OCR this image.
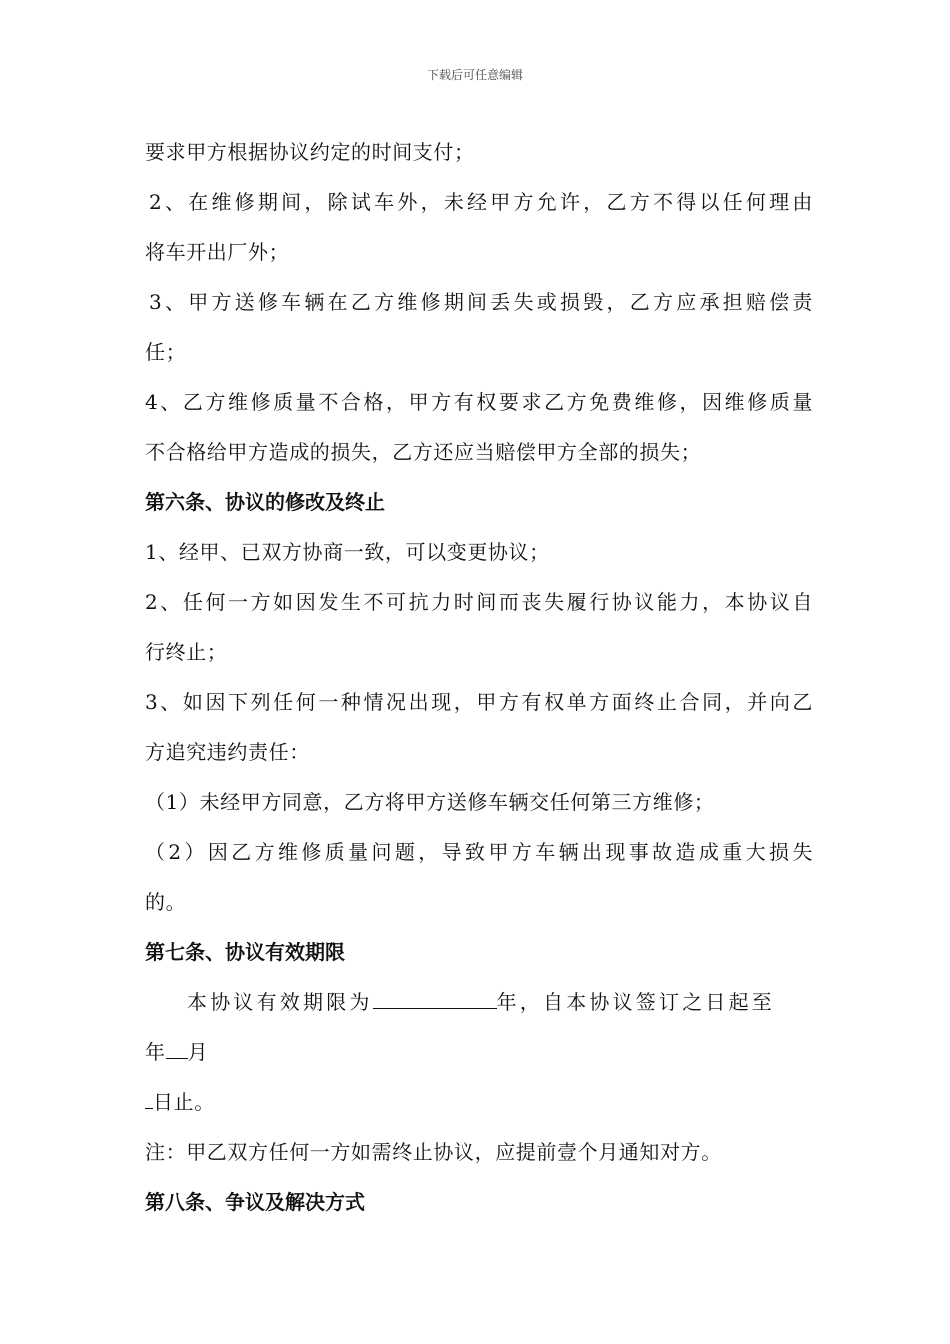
下载后可任意编辑
要求甲方根据协议约定的时间支付；
2、在维修期间，除试车外，未经甲方允许，乙方不得以任何理由
将车开出厂外；
3、甲方送修车辆在乙方维修期间丢失或损毁，乙方应承担赔偿责
任；
4、乙方维修质量不合格，甲方有权要求乙方免费维修，因维修质量
不合格给甲方造成的损失，乙方还应当赔偿甲方全部的损失；
第六条、协议的修改及终止
1、经甲、已双方协商一致，可以变更协议；
2、任何一方如因发生不可抗力时间而丧失履行协议能力，本协议自
行终止；
3、如因下列任何一种情况出现，甲方有权单方面终止合同，并向乙
方追究违约责任：
（1）未经甲方同意，乙方将甲方送修车辆交任何第三方维修；
（2）因乙方维修质量问题，导致甲方车辆出现事故造成重大损失
的。
第七条、协议有效期限
本协议有效期限为	年，自本协议签订之日起至
年 月
日止。
注：甲乙双方任何一方如需终止协议，应提前壹个月通知对方。
第八条、争议及解决方式
